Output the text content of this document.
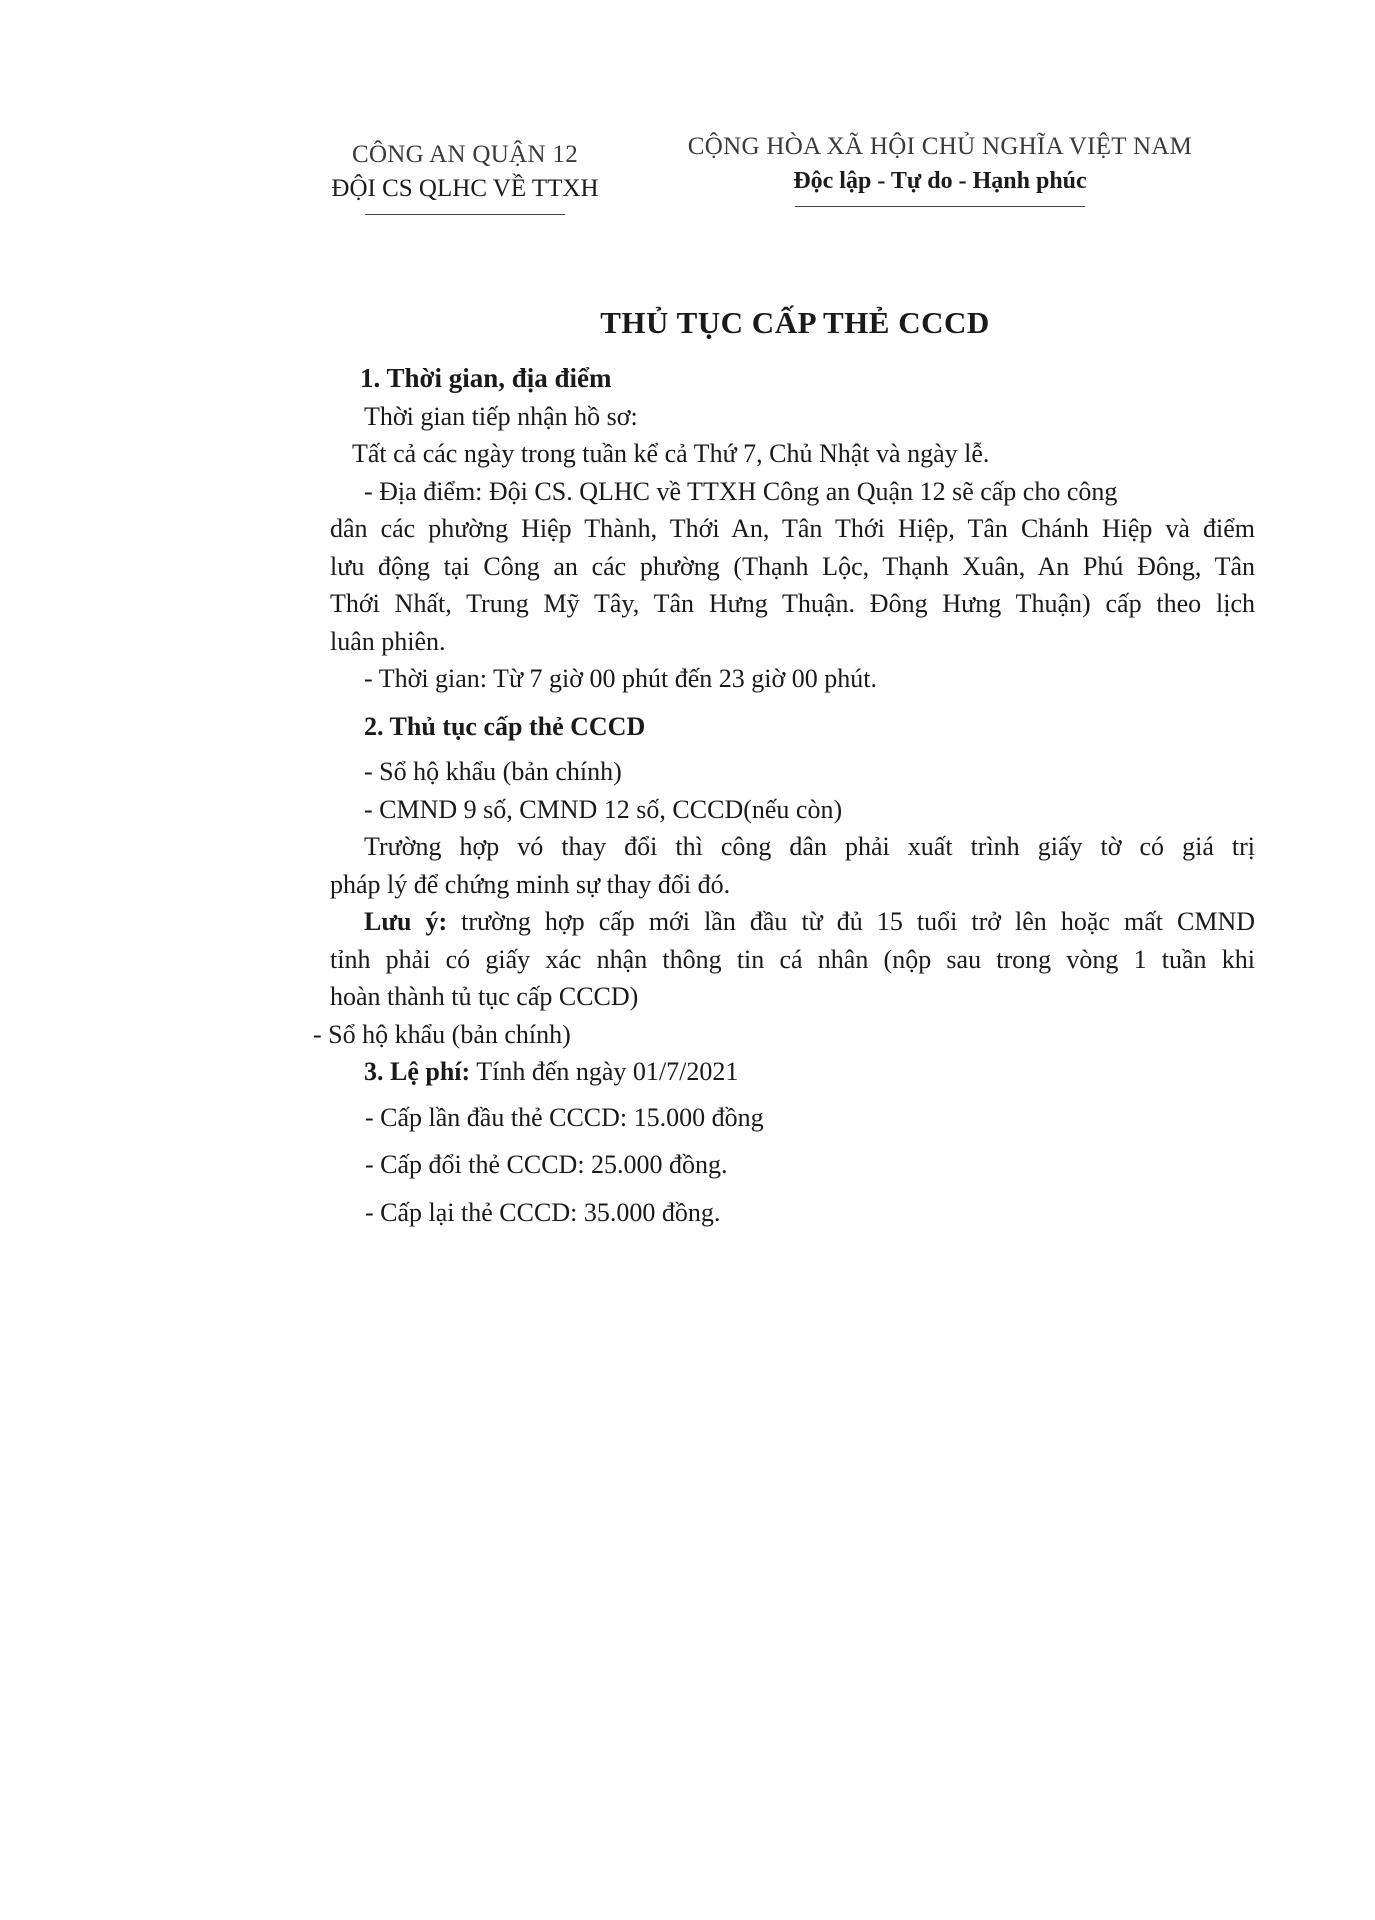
CÔNG AN QUẬN 12
ĐỘI CS QLHC VỀ TTXH
CỘNG HÒA XÃ HỘI CHỦ NGHĨA VIỆT NAM
Độc lập - Tự do - Hạnh phúc
THỦ TỤC CẤP THẺ CCCD

1. Thời gian, địa điểm

Thời gian tiếp nhận hồ sơ:

Tất cả các ngày trong tuần kể cả Thứ 7, Chủ Nhật và ngày lễ.

- Địa điểm: Đội CS. QLHC về TTXH Công an Quận 12 sẽ cấp cho công

dân các phường Hiệp Thành, Thới An, Tân Thới Hiệp, Tân Chánh Hiệp và điểm

lưu động tại Công an các phường (Thạnh Lộc, Thạnh Xuân, An Phú Đông, Tân

Thới Nhất, Trung Mỹ Tây, Tân Hưng Thuận. Đông Hưng Thuận) cấp theo lịch

luân phiên.

- Thời gian: Từ 7 giờ 00 phút đến 23 giờ 00 phút.

2. Thủ tục cấp thẻ CCCD

- Sổ hộ khẩu (bản chính)

- CMND 9 số, CMND 12 số, CCCD(nếu còn)

Trường hợp vó thay đổi thì công dân phải xuất trình giấy tờ có giá trị

pháp lý để chứng minh sự thay đổi đó.

Lưu ý: trường hợp cấp mới lần đầu từ đủ 15 tuổi trở lên hoặc mất CMND

tỉnh phải có giấy xác nhận thông tin cá nhân (nộp sau trong vòng 1 tuần khi

hoàn thành tủ tục cấp CCCD)

- Sổ hộ khẩu (bản chính)

3. Lệ phí: Tính đến ngày 01/7/2021

- Cấp lần đầu thẻ CCCD: 15.000 đồng

- Cấp đổi thẻ CCCD: 25.000 đồng.

- Cấp lại thẻ CCCD: 35.000 đồng.
